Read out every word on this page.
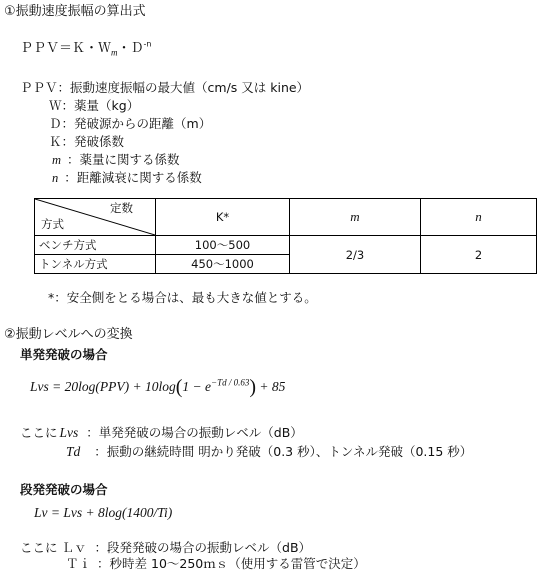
①振動速度振幅の算出式
ＰＰＶ＝Ｋ・Ｗ$_m$・Ｄ$^{-n}$
ＰＰＶ：振動速度振幅の最大値（cm/s 又は kine）
Ｗ：薬量（kg）
Ｄ：発破源からの距離（m）
Ｋ：発破係数
m ：薬量に関する係数
n ：距離減衰に関する係数
定数
方式	K*	m	n
ベンチ方式	100～500	2/3	2
トンネル方式	450～1000		
*：安全側をとる場合は、最も大きな値とする。
②振動レベルへの変換
単発発破の場合
Lvs = $20\log(PPV) + 10\log(1 - e^{-Td / 0.63}) + 85$
ここに Lvs ：単発発破の場合の振動レベル（dB）
Td ：振動の継続時間 明かり発破（0.3 秒）、トンネル発破（0.15 秒）
段発発破の場合
Lv = Lvs + 8log(1400/Ti)
ここに Ｌｖ ：段発発破の場合の振動レベル（dB）
Ｔｉ ：秒時差 10～250ｍｓ（使用する雷管で決定）
